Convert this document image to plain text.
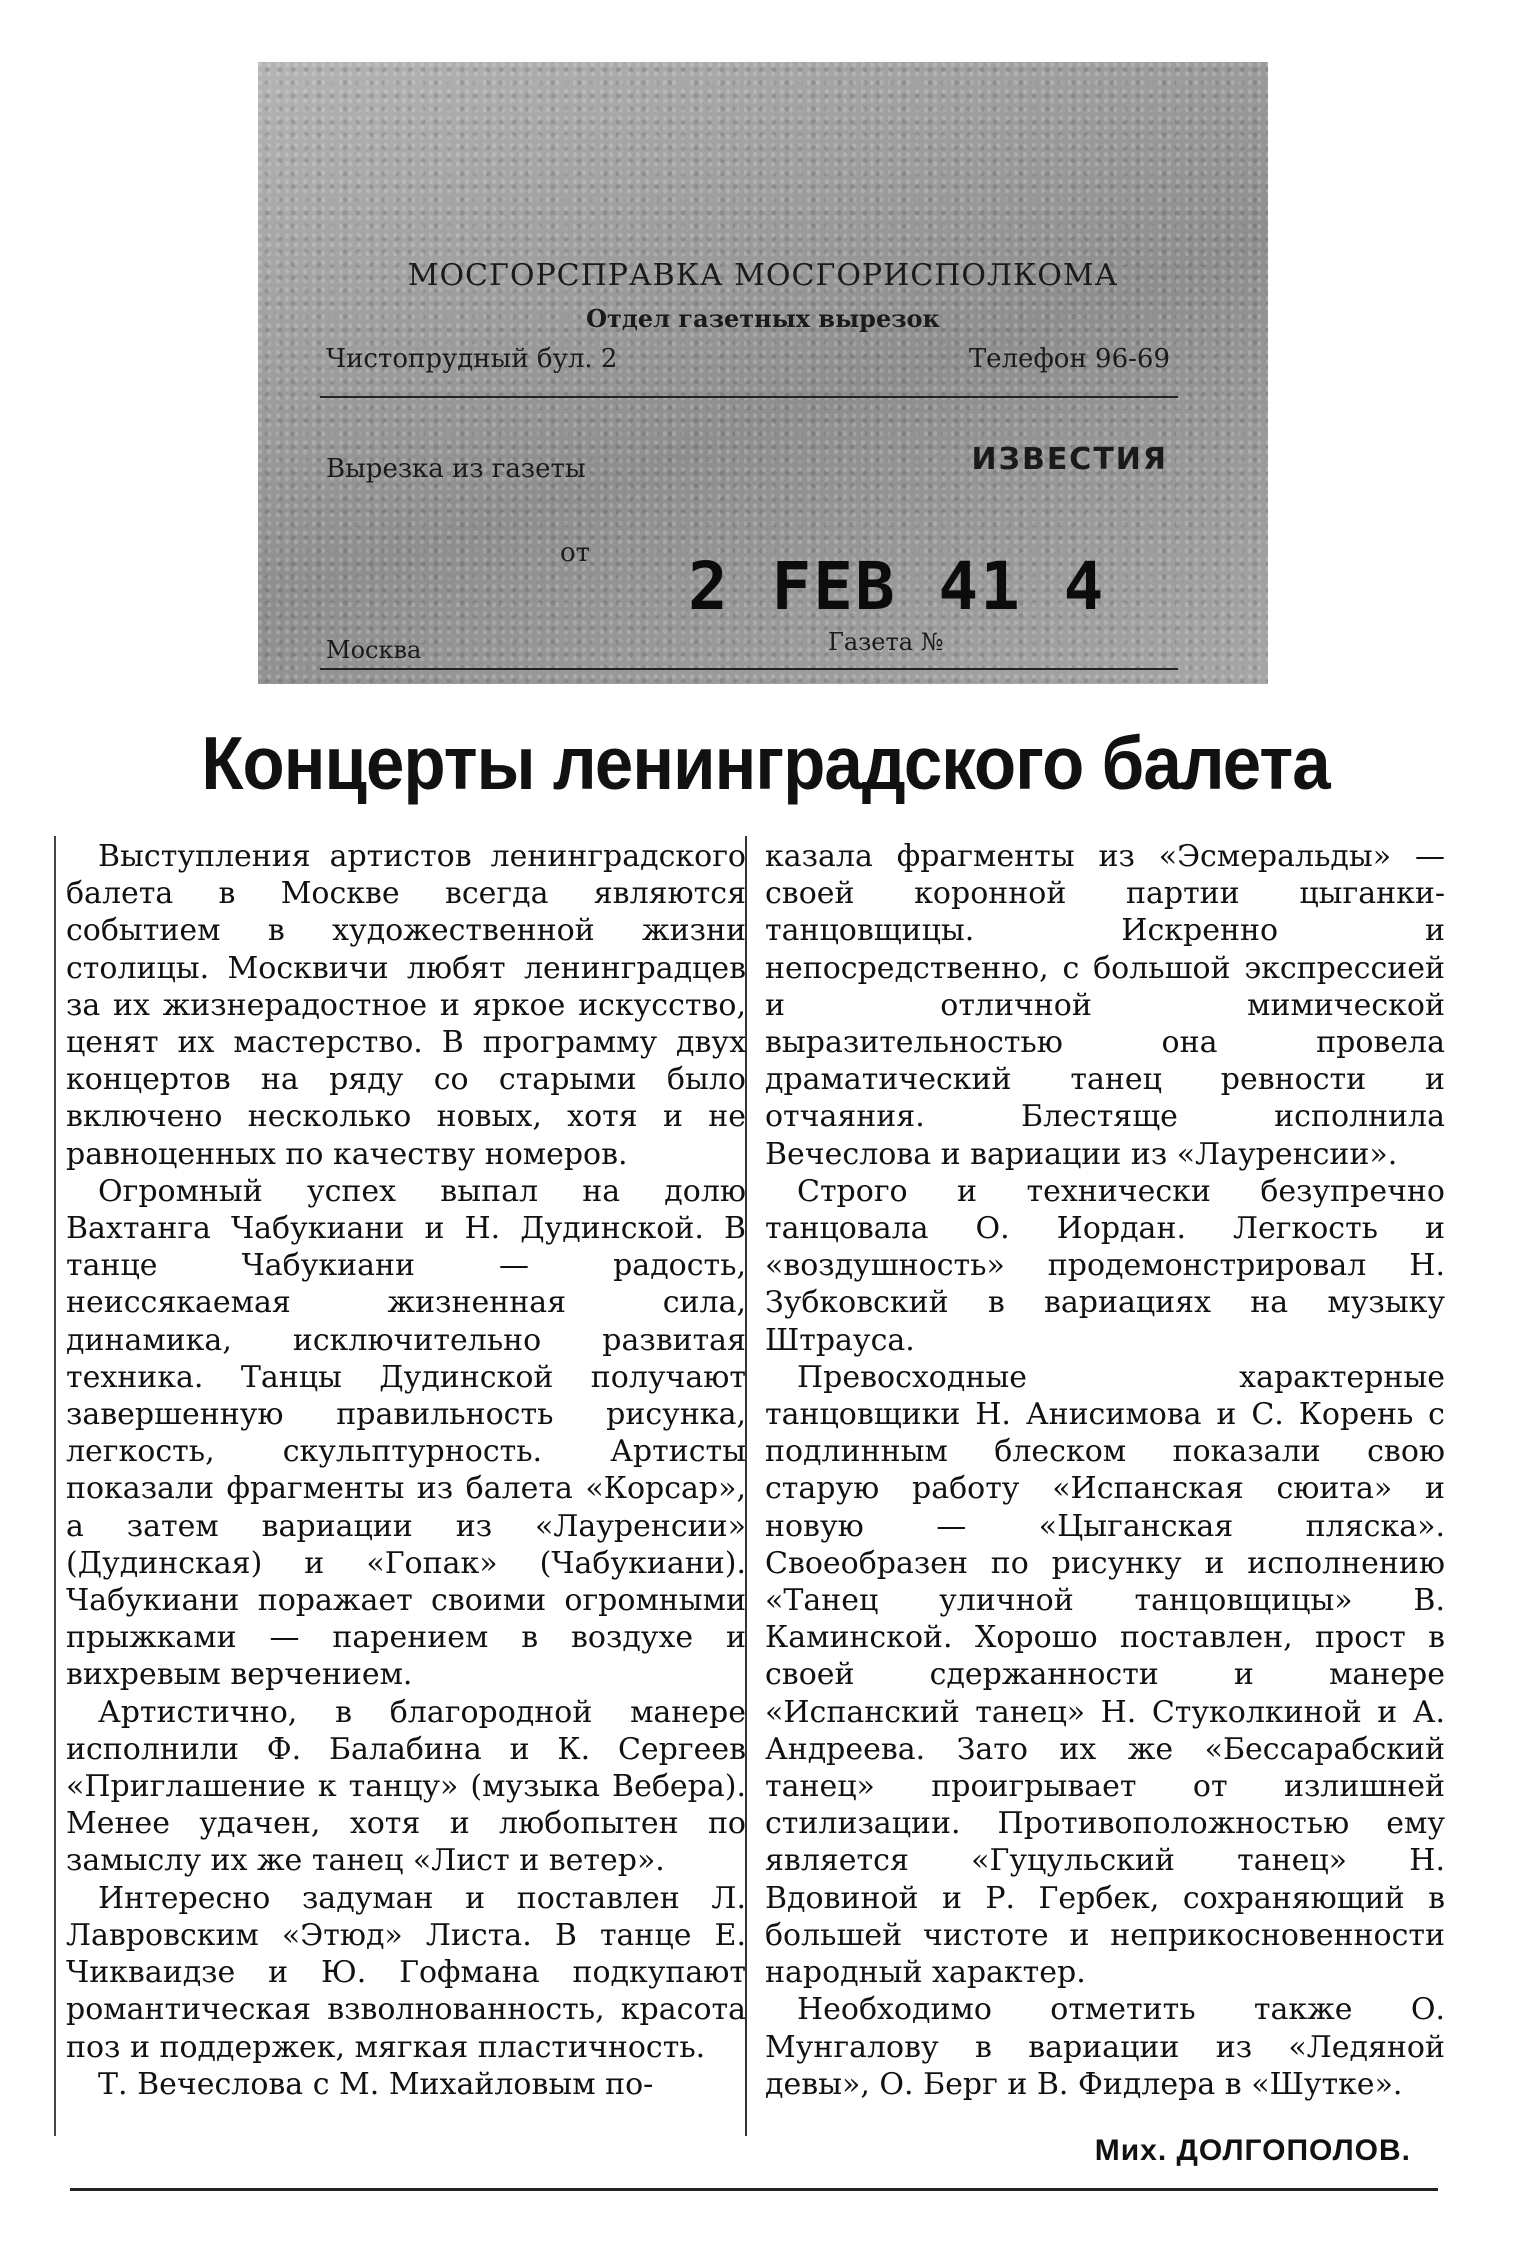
МОСГОРСПРАВКА МОСГОРИСПОЛКОМА
Отдел газетных вырезок
Чистопрудный бул. 2	Телефон 96-69
Вырезка из газеты	ИЗВЕСТИЯ
от 2 FEB 41 4
Москва	Газета №
Концерты ленинградского балета

Выступления артистов ленинградского балета в Москве всегда являются событием в художественной жизни столицы. Москвичи любят ленинградцев за их жизнерадостное и яркое искусство, ценят их мастерство. В программу двух концертов на ряду со старыми было включено несколько новых, хотя и не равноценных по качеству номеров.

Огромный успех выпал на долю Вахтанга Чабукиани и Н. Дудинской. В танце Чабукиани — радость, неиссякаемая жизненная сила, динамика, исключительно развитая техника. Танцы Дудинской получают завершенную правильность рисунка, легкость, скульптурность. Артисты показали фрагменты из балета «Корсар», а затем вариации из «Лауренсии» (Дудинская) и «Гопак» (Чабукиани). Чабукиани поражает своими огромными прыжками — парением в воздухе и вихревым верчением.

Артистично, в благородной манере исполнили Ф. Балабина и К. Сергеев «Приглашение к танцу» (музыка Вебера). Менее удачен, хотя и любопытен по замыслу их же танец «Лист и ветер».

Интересно задуман и поставлен Л. Лавровским «Этюд» Листа. В танце Е. Чикваидзе и Ю. Гофмана подкупают романтическая взволнованность, красота поз и поддержек, мягкая пластичность.

Т. Вечеслова с М. Михайловым по-

казала фрагменты из «Эсмеральды» — своей коронной партии цыганки-танцовщицы. Искренно и непосредственно, с большой экспрессией и отличной мимической выразительностью она провела драматический танец ревности и отчаяния. Блестяще исполнила Вечеслова и вариации из «Лауренсии».

Строго и технически безупречно танцовала О. Иордан. Легкость и «воздушность» продемонстрировал Н. Зубковский в вариациях на музыку Штрауса.

Превосходные характерные танцовщики Н. Анисимова и С. Корень с подлинным блеском показали свою старую работу «Испанская сюита» и новую — «Цыганская пляска». Своеобразен по рисунку и исполнению «Танец уличной танцовщицы» В. Каминской. Хорошо поставлен, прост в своей сдержанности и манере «Испанский танец» Н. Стуколкиной и А. Андреева. Зато их же «Бессарабский танец» проигрывает от излишней стилизации. Противоположностью ему является «Гуцульский танец» Н. Вдовиной и Р. Гербек, сохраняющий в большей чистоте и неприкосновенности народный характер.

Необходимо отметить также О. Мунгалову в вариации из «Ледяной девы», О. Берг и В. Фидлера в «Шутке».

Мих. ДОЛГОПОЛОВ.
